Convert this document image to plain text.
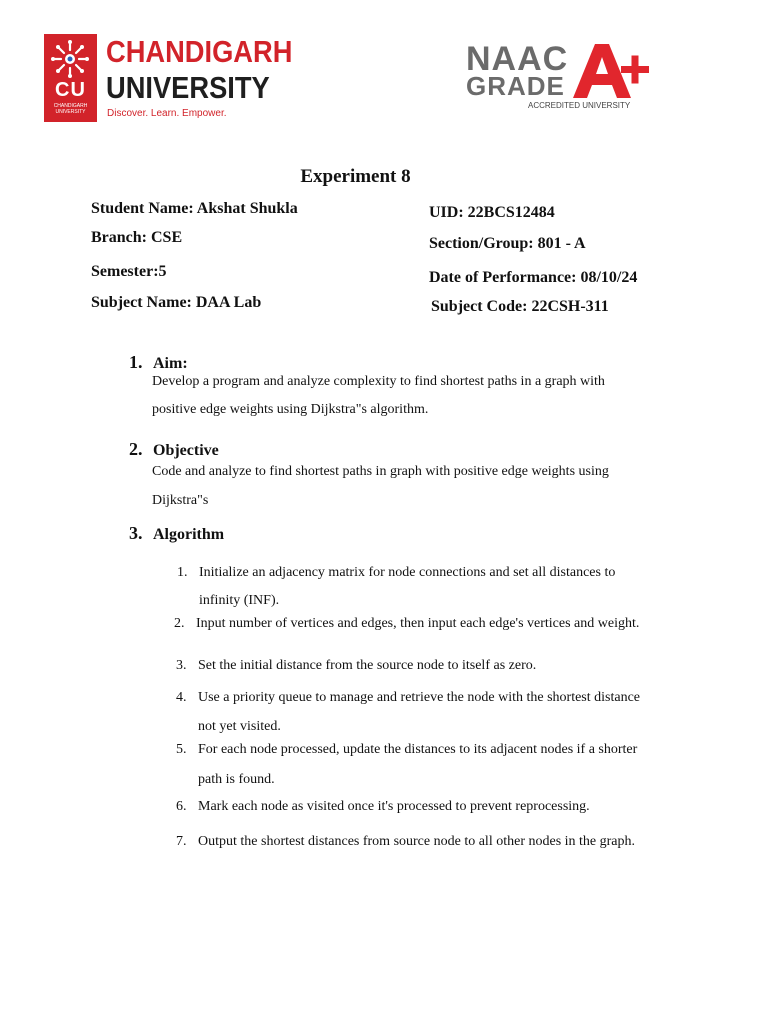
CU
CHANDIGARH UNIVERSITY
CHANDIGARH
UNIVERSITY
Discover. Learn. Empower.
NAAC
GRADE
ACCREDITED UNIVERSITY
Experiment 8
Student Name: Akshat Shukla	UID: 22BCS12484
Branch: CSE	Section/Group: 801 - A
Semester:5	Date of Performance: 08/10/24
Subject Name: DAA Lab	Subject Code: 22CSH-311
1. Aim:
Develop a program and analyze complexity to find shortest paths in a graph with
positive edge weights using Dijkstra"s algorithm.
2. Objective
Code and analyze to find shortest paths in graph with positive edge weights using
Dijkstra"s
3. Algorithm
1. Initialize an adjacency matrix for node connections and set all distances to
infinity (INF).
2. Input number of vertices and edges, then input each edge's vertices and weight.
3. Set the initial distance from the source node to itself as zero.
4. Use a priority queue to manage and retrieve the node with the shortest distance
not yet visited.
5. For each node processed, update the distances to its adjacent nodes if a shorter
path is found.
6. Mark each node as visited once it's processed to prevent reprocessing.
7. Output the shortest distances from source node to all other nodes in the graph.
